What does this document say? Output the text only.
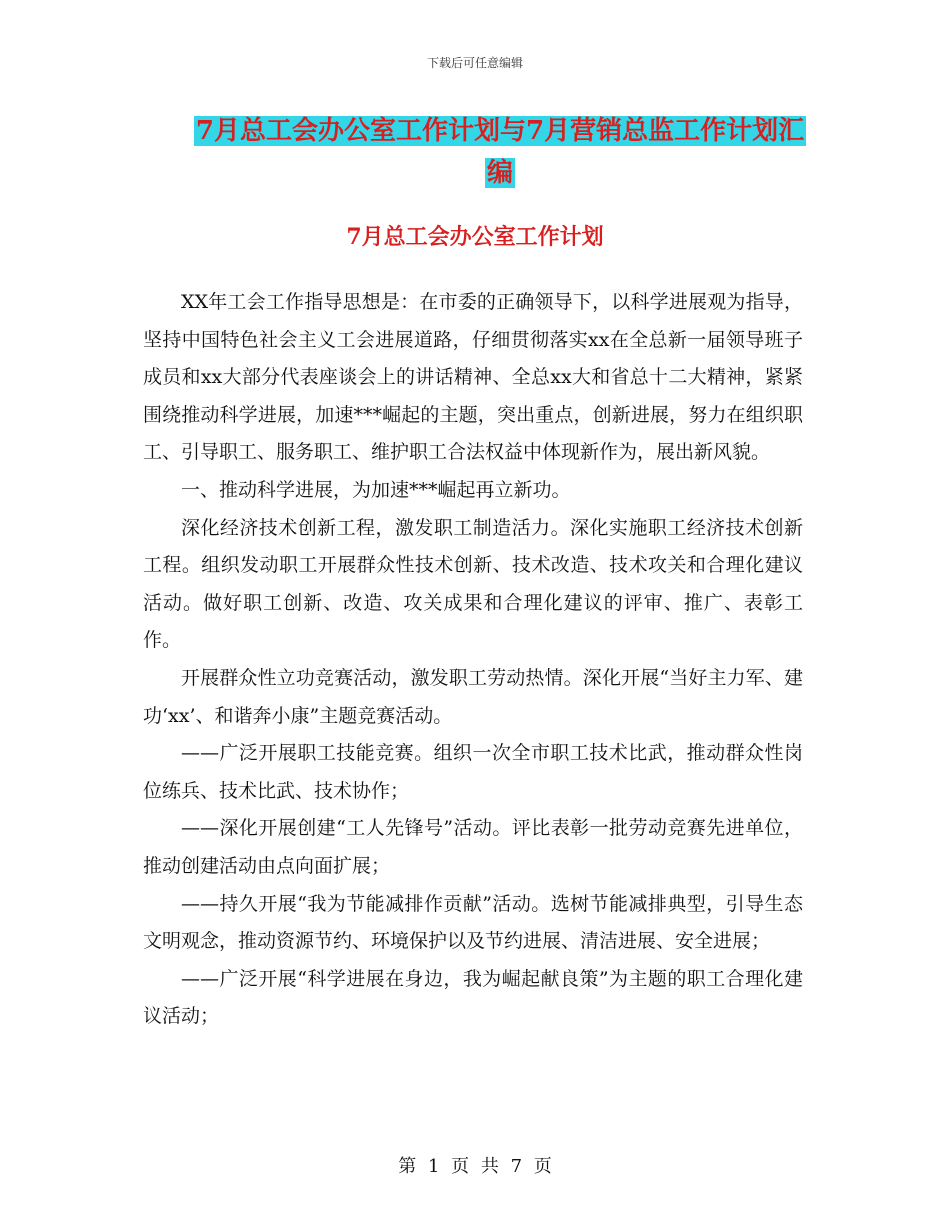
下载后可任意编辑
7月总工会办公室工作计划与7月营销总监工作计划汇
编
7月总工会办公室工作计划

XX年工会工作指导思想是：在市委的正确领导下，以科学进展观为指导，坚持中国特色社会主义工会进展道路，仔细贯彻落实xx在全总新一届领导班子成员和xx大部分代表座谈会上的讲话精神、全总xx大和省总十二大精神，紧紧围绕推动科学进展，加速***崛起的主题，突出重点，创新进展，努力在组织职工、引导职工、服务职工、维护职工合法权益中体现新作为，展出新风貌。

一、推动科学进展，为加速***崛起再立新功。

深化经济技术创新工程，激发职工制造活力。深化实施职工经济技术创新工程。组织发动职工开展群众性技术创新、技术改造、技术攻关和合理化建议活动。做好职工创新、改造、攻关成果和合理化建议的评审、推广、表彰工作。

开展群众性立功竞赛活动，激发职工劳动热情。深化开展“当好主力军、建功‘xx’、和谐奔小康”主题竞赛活动。

——广泛开展职工技能竞赛。组织一次全市职工技术比武，推动群众性岗位练兵、技术比武、技术协作；

——深化开展创建“工人先锋号”活动。评比表彰一批劳动竞赛先进单位，推动创建活动由点向面扩展；

——持久开展“我为节能减排作贡献”活动。选树节能减排典型，引导生态文明观念，推动资源节约、环境保护以及节约进展、清洁进展、安全进展；

——广泛开展“科学进展在身边，我为崛起献良策”为主题的职工合理化建议活动；

第 1 页 共 7 页
